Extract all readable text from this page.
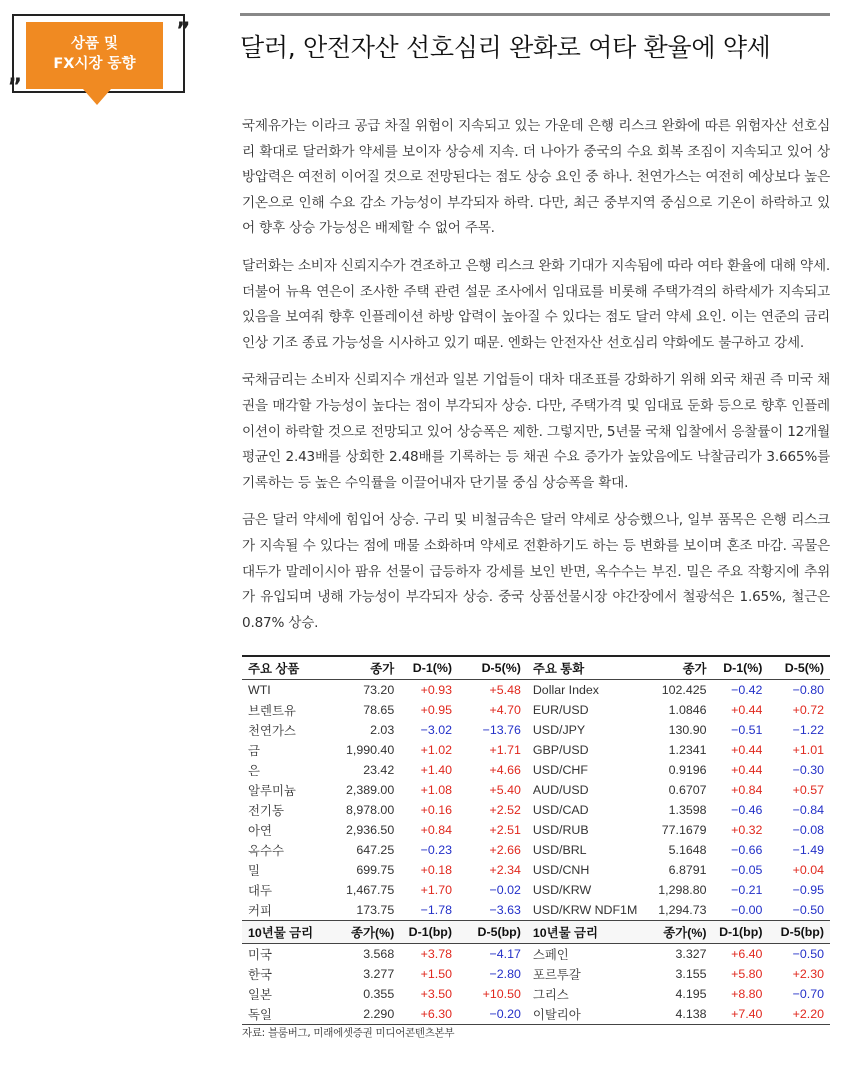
상품 및
FX시장 동향
”
„
달러, 안전자산 선호심리 완화로 여타 환율에 약세

국제유가는 이라크 공급 차질 위험이 지속되고 있는 가운데 은행 리스크 완화에 따른 위험자산 선호심리 확대로 달러화가 약세를 보이자 상승세 지속. 더 나아가 중국의 수요 회복 조짐이 지속되고 있어 상방압력은 여전히 이어질 것으로 전망된다는 점도 상승 요인 중 하나. 천연가스는 여전히 예상보다 높은 기온으로 인해 수요 감소 가능성이 부각되자 하락. 다만, 최근 중부지역 중심으로 기온이 하락하고 있어 향후 상승 가능성은 배제할 수 없어 주목.

달러화는 소비자 신뢰지수가 견조하고 은행 리스크 완화 기대가 지속됨에 따라 여타 환율에 대해 약세. 더불어 뉴욕 연은이 조사한 주택 관련 설문 조사에서 임대료를 비롯해 주택가격의 하락세가 지속되고 있음을 보여줘 향후 인플레이션 하방 압력이 높아질 수 있다는 점도 달러 약세 요인. 이는 연준의 금리인상 기조 종료 가능성을 시사하고 있기 때문. 엔화는 안전자산 선호심리 약화에도 불구하고 강세.

국채금리는 소비자 신뢰지수 개선과 일본 기업들이 대차 대조표를 강화하기 위해 외국 채권 즉 미국 채권을 매각할 가능성이 높다는 점이 부각되자 상승. 다만, 주택가격 및 임대료 둔화 등으로 향후 인플레이션이 하락할 것으로 전망되고 있어 상승폭은 제한. 그렇지만, 5년물 국채 입찰에서 응찰률이 12개월 평균인 2.43배를 상회한 2.48배를 기록하는 등 채권 수요 증가가 높았음에도 낙찰금리가 3.665%를 기록하는 등 높은 수익률을 이끌어내자 단기물 중심 상승폭을 확대.

금은 달러 약세에 힘입어 상승. 구리 및 비철금속은 달러 약세로 상승했으나, 일부 품목은 은행 리스크가 지속될 수 있다는 점에 매물 소화하며 약세로 전환하기도 하는 등 변화를 보이며 혼조 마감. 곡물은 대두가 말레이시아 팜유 선물이 급등하자 강세를 보인 반면, 옥수수는 부진. 밀은 주요 작황지에 추위가 유입되며 냉해 가능성이 부각되자 상승. 중국 상품선물시장 야간장에서 철광석은 1.65%, 철근은 0.87% 상승.

주요 상품	종가	D-1(%)	D-5(%)	주요 통화	종가	D-1(%)	D-5(%)
WTI	73.20	+0.93	+5.48	Dollar Index	102.425	−0.42	−0.80
브렌트유	78.65	+0.95	+4.70	EUR/USD	1.0846	+0.44	+0.72
천연가스	2.03	−3.02	−13.76	USD/JPY	130.90	−0.51	−1.22
금	1,990.40	+1.02	+1.71	GBP/USD	1.2341	+0.44	+1.01
은	23.42	+1.40	+4.66	USD/CHF	0.9196	+0.44	−0.30
알루미늄	2,389.00	+1.08	+5.40	AUD/USD	0.6707	+0.84	+0.57
전기동	8,978.00	+0.16	+2.52	USD/CAD	1.3598	−0.46	−0.84
아연	2,936.50	+0.84	+2.51	USD/RUB	77.1679	+0.32	−0.08
옥수수	647.25	−0.23	+2.66	USD/BRL	5.1648	−0.66	−1.49
밀	699.75	+0.18	+2.34	USD/CNH	6.8791	−0.05	+0.04
대두	1,467.75	+1.70	−0.02	USD/KRW	1,298.80	−0.21	−0.95
커피	173.75	−1.78	−3.63	USD/KRW NDF1M	1,294.73	−0.00	−0.50
10년물 금리	종가(%)	D-1(bp)	D-5(bp)	10년물 금리	종가(%)	D-1(bp)	D-5(bp)
미국	3.568	+3.78	−4.17	스페인	3.327	+6.40	−0.50
한국	3.277	+1.50	−2.80	포르투갈	3.155	+5.80	+2.30
일본	0.355	+3.50	+10.50	그리스	4.195	+8.80	−0.70
독일	2.290	+6.30	−0.20	이탈리아	4.138	+7.40	+2.20
자료: 블룸버그, 미래에셋증권 미디어콘텐츠본부
